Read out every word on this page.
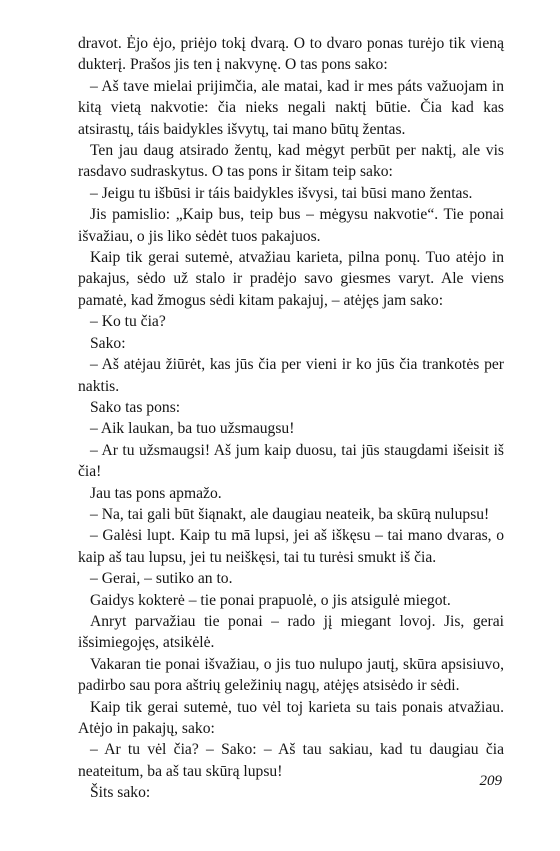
dravot. Ėjo ėjo, priėjo tokį dvarą. O to dvaro ponas turėjo tik vieną dukterį. Prašos jis ten į nakvynę. O tas pons sako:

– Aš tave mielai prijimčia, ale matai, kad ir mes páts važuojam in kitą vietą nakvotie: čia nieks negali naktį būtie. Čia kad kas atsirastų, táis baidykles išvytų, tai mano būtų žentas.

Ten jau daug atsirado žentų, kad mėgyt perbūt per naktį, ale vis rasdavo sudraskytus. O tas pons ir šitam teip sako:

– Jeigu tu išbūsi ir táis baidykles išvysi, tai būsi mano žentas.

Jis pamislio: „Kaip bus, teip bus – mėgysu nakvotie“. Tie ponai išvažiau, o jis liko sėdėt tuos pakajuos.

Kaip tik gerai sutemė, atvažiau karieta, pilna ponų. Tuo atėjo in pakajus, sėdo už stalo ir pradėjo savo giesmes varyt. Ale viens pamatė, kad žmogus sėdi kitam pakajuj, – atėjęs jam sako:

– Ko tu čia?

Sako:

– Aš atėjau žiūrėt, kas jūs čia per vieni ir ko jūs čia trankotės per naktis.

Sako tas pons:

– Aik laukan, ba tuo užsmaugsu!

– Ar tu užsmaugsi! Aš jum kaip duosu, tai jūs staugdami išeisit iš čia!

Jau tas pons apmažo.

– Na, tai gali būt šiąnakt, ale daugiau neateik, ba skūrą nulupsu!

– Galėsi lupt. Kaip tu mā lupsi, jei aš iškęsu – tai mano dvaras, o kaip aš tau lupsu, jei tu neiškęsi, tai tu turėsi smukt iš čia.

– Gerai, – sutiko an to.

Gaidys kokterė – tie ponai prapuolė, o jis atsigulė miegot.

Anryt parvažiau tie ponai – rado jį miegant lovoj. Jis, gerai išsimiegojęs, atsikėlė.

Vakaran tie ponai išvažiau, o jis tuo nulupo jautį, skūra apsisiuvo, padirbo sau pora aštrių geležinių nagų, atėjęs atsisėdo ir sėdi.

Kaip tik gerai sutemė, tuo vėl toj karieta su tais ponais atvažiau. Atėjo in pakajų, sako:

– Ar tu vėl čia? – Sako: – Aš tau sakiau, kad tu daugiau čia neateitum, ba aš tau skūrą lupsu!

Šits sako:

209
